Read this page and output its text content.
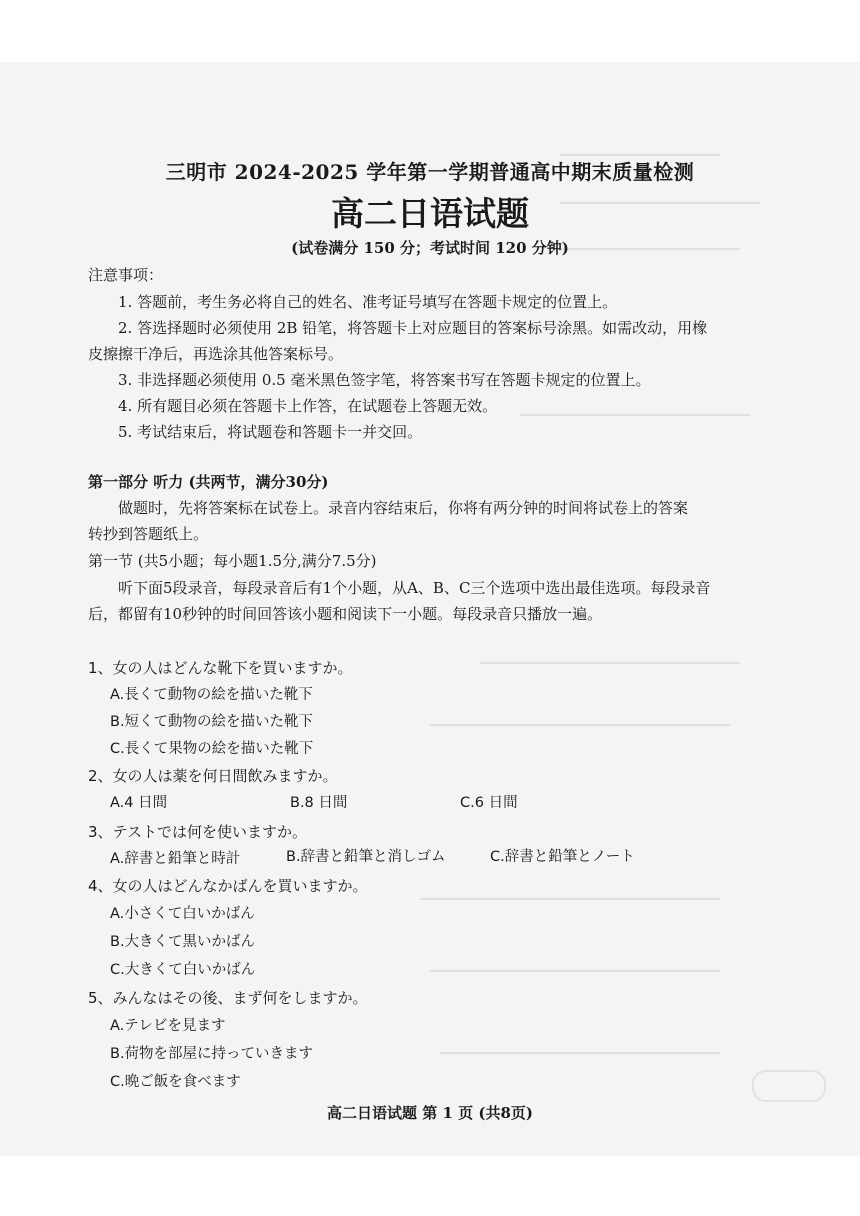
三明市 2024-2025 学年第一学期普通高中期末质量检测
高二日语试题
(试卷满分 150 分；考试时间 120 分钟)
注意事项：
1. 答题前，考生务必将自己的姓名、准考证号填写在答题卡规定的位置上。
2. 答选择题时必须使用 2B 铅笔，将答题卡上对应题目的答案标号涂黑。如需改动，用橡
皮擦擦干净后，再选涂其他答案标号。
3. 非选择题必须使用 0.5 毫米黑色签字笔，将答案书写在答题卡规定的位置上。
4. 所有题目必须在答题卡上作答，在试题卷上答题无效。
5. 考试结束后，将试题卷和答题卡一并交回。
第一部分 听力 (共两节，满分30分)
做题时，先将答案标在试卷上。录音内容结束后，你将有两分钟的时间将试卷上的答案
转抄到答题纸上。
第一节 (共5小题；每小题1.5分,满分7.5分)
听下面5段录音，每段录音后有1个小题，从A、B、C三个选项中选出最佳选项。每段录音
后，都留有10秒钟的时间回答该小题和阅读下一小题。每段录音只播放一遍。
1、女の人はどんな靴下を買いますか。
A.長くて動物の絵を描いた靴下
B.短くて動物の絵を描いた靴下
C.長くて果物の絵を描いた靴下
2、女の人は薬を何日間飲みますか。
A.4 日間	B.8 日間	C.6 日間
3、テストでは何を使いますか。
A.辞書と鉛筆と時計	B.辞書と鉛筆と消しゴム	C.辞書と鉛筆とノート
4、女の人はどんなかばんを買いますか。
A.小さくて白いかばん
B.大きくて黒いかばん
C.大きくて白いかばん
5、みんなはその後、まず何をしますか。
A.テレビを見ます
B.荷物を部屋に持っていきます
C.晩ご飯を食べます
高二日语试题 第 1 页 (共8页)
